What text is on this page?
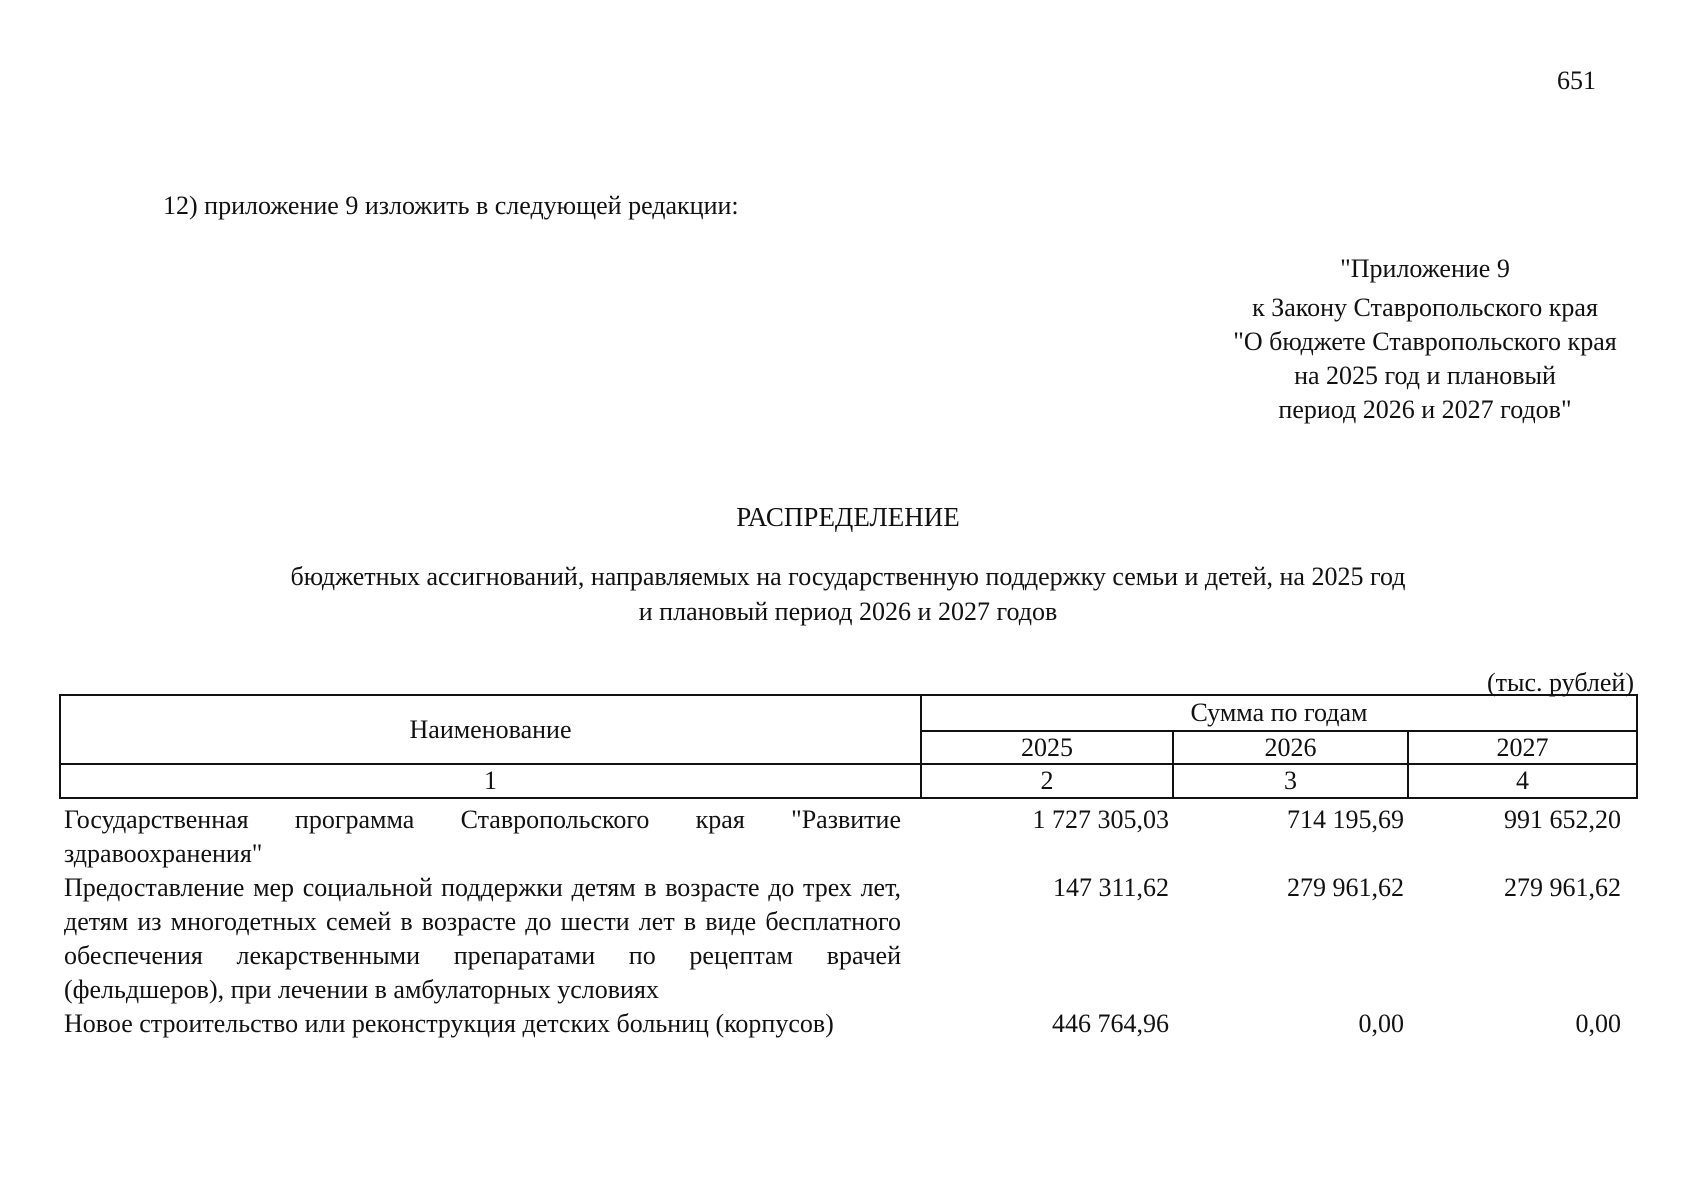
651
12) приложение 9 изложить в следующей редакции:
"Приложение 9
к Закону Ставропольского края
"О бюджете Ставропольского края
на 2025 год и плановый
период 2026 и 2027 годов"
РАСПРЕДЕЛЕНИЕ
бюджетных ассигнований, направляемых на государственную поддержку семьи и детей, на 2025 год
и плановый период 2026 и 2027 годов
(тыс. рублей)
Наименование	Сумма по годам		
	2025	2026	2027
1	2	3	4
Государственная программа Ставропольского края "Развитие здравоохранения"	1 727 305,03	714 195,69	991 652,20
Предоставление мер социальной поддержки детям в возрасте до трех лет, детям из многодетных семей в возрасте до шести лет в виде бесплатного обеспечения лекарственными препаратами по рецептам врачей (фельдшеров), при лечении в амбулаторных условиях	147 311,62	279 961,62	279 961,62
Новое строительство или реконструкция детских больниц (корпусов)	446 764,96	0,00	0,00
